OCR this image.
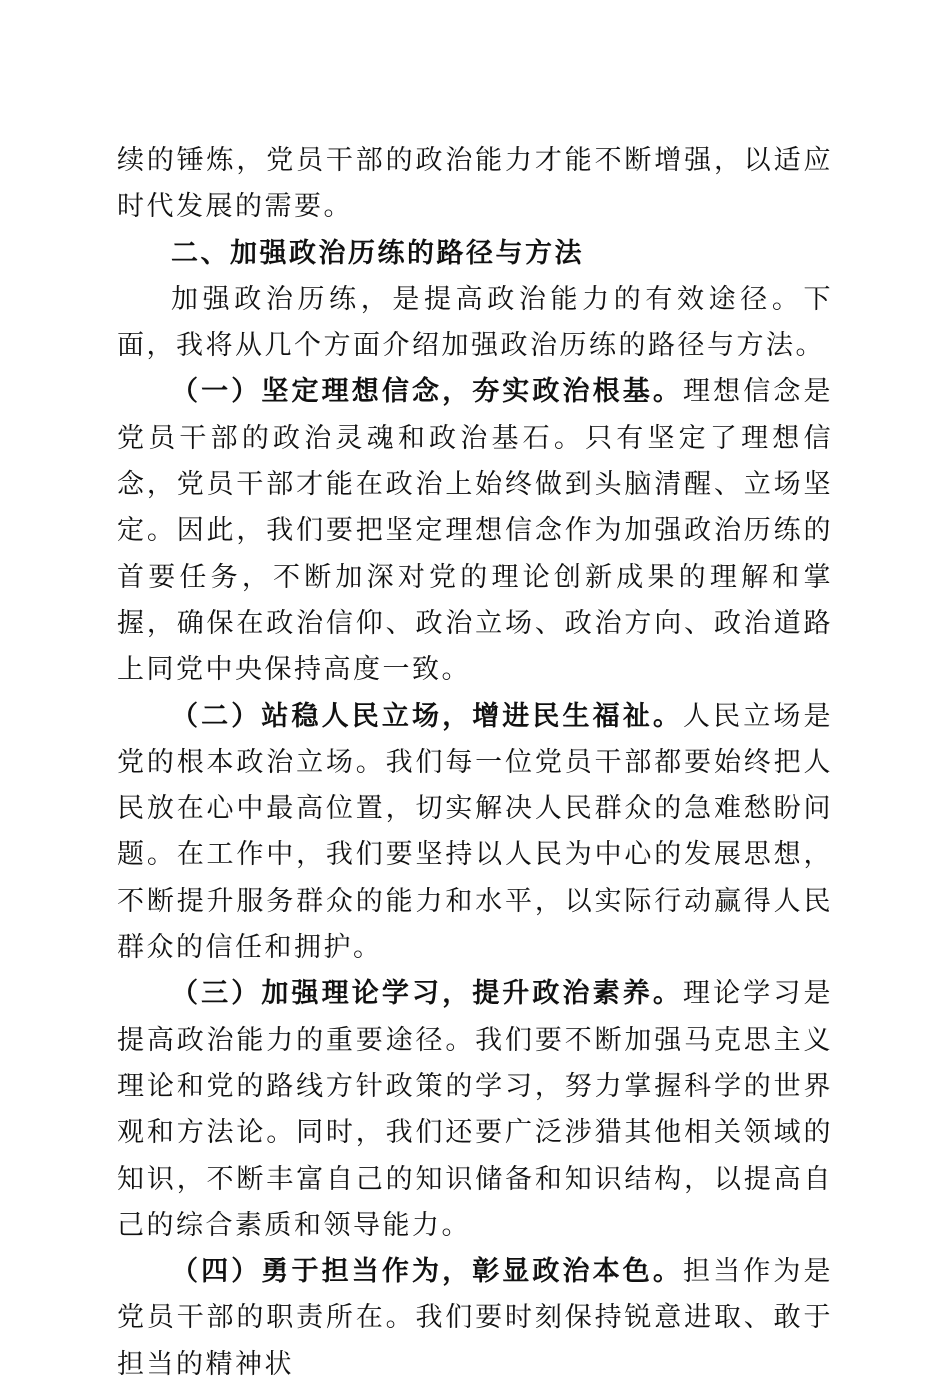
续的锤炼，党员干部的政治能力才能不断增强，以适应时代发展的需要。

二、加强政治历练的路径与方法

加强政治历练，是提高政治能力的有效途径。下面，我将从几个方面介绍加强政治历练的路径与方法。

（一）坚定理想信念，夯实政治根基。理想信念是党员干部的政治灵魂和政治基石。只有坚定了理想信念，党员干部才能在政治上始终做到头脑清醒、立场坚定。因此，我们要把坚定理想信念作为加强政治历练的首要任务，不断加深对党的理论创新成果的理解和掌握，确保在政治信仰、政治立场、政治方向、政治道路上同党中央保持高度一致。

（二）站稳人民立场，增进民生福祉。人民立场是党的根本政治立场。我们每一位党员干部都要始终把人民放在心中最高位置，切实解决人民群众的急难愁盼问题。在工作中，我们要坚持以人民为中心的发展思想，不断提升服务群众的能力和水平，以实际行动赢得人民群众的信任和拥护。

（三）加强理论学习，提升政治素养。理论学习是提高政治能力的重要途径。我们要不断加强马克思主义理论和党的路线方针政策的学习，努力掌握科学的世界观和方法论。同时，我们还要广泛涉猎其他相关领域的知识，不断丰富自己的知识储备和知识结构，以提高自己的综合素质和领导能力。

（四）勇于担当作为，彰显政治本色。担当作为是党员干部的职责所在。我们要时刻保持锐意进取、敢于担当的精神状
